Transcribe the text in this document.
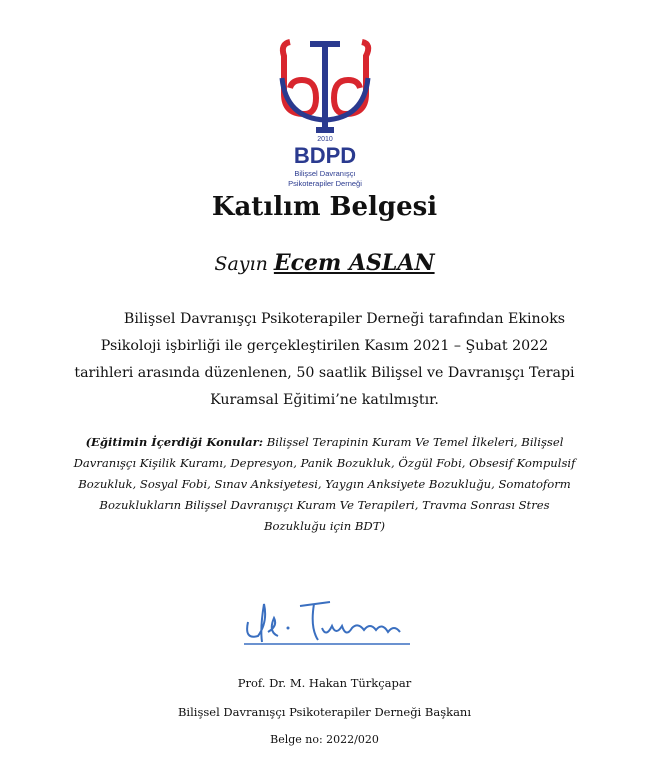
2010
BDPD
Bilişsel Davranışçı
Psikoterapiler Derneği
Katılım Belgesi
Sayın Ecem ASLAN
Bilişsel Davranışçı Psikoterapiler Derneği tarafından Ekinoks
Psikoloji işbirliği ile gerçekleştirilen Kasım 2021 – Şubat 2022
tarihleri arasında düzenlenen, 50 saatlik Bilişsel ve Davranışçı Terapi
Kuramsal Eğitimi’ne katılmıştır.
(Eğitimin İçerdiği Konular: Bilişsel Terapinin Kuram Ve Temel İlkeleri, Bilişsel
Davranışçı Kişilik Kuramı, Depresyon, Panik Bozukluk, Özgül Fobi, Obsesif Kompulsif
Bozukluk, Sosyal Fobi, Sınav Anksiyetesi, Yaygın Anksiyete Bozukluğu, Somatoform
Bozuklukların Bilişsel Davranışçı Kuram Ve Terapileri, Travma Sonrası Stres
Bozukluğu için BDT)
Prof. Dr. M. Hakan Türkçapar
Bilişsel Davranışçı Psikoterapiler Derneği Başkanı
Belge no: 2022/020
